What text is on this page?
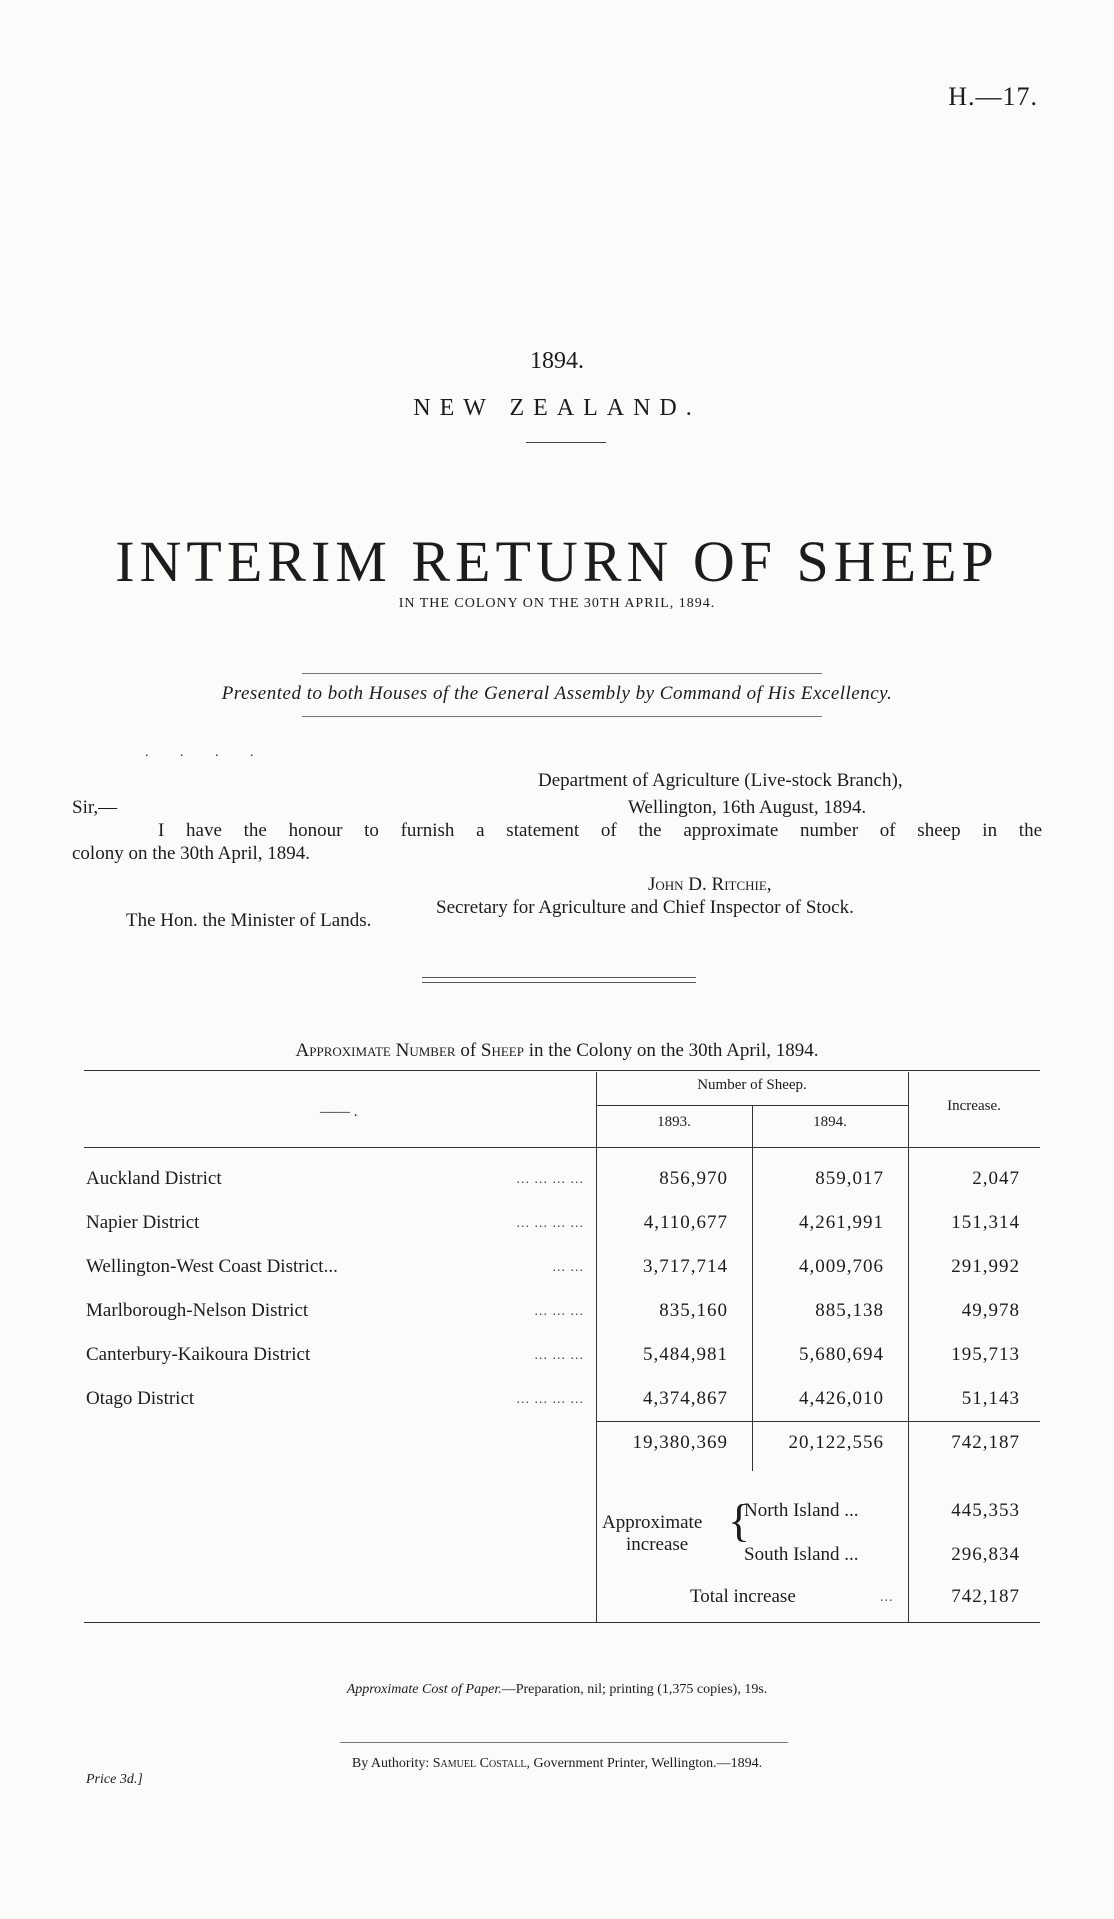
H.—17.
1894.
NEW ZEALAND.
INTERIM RETURN OF SHEEP
IN THE COLONY ON THE 30TH APRIL, 1894.
Presented to both Houses of the General Assembly by Command of His Excellency.
. . . .
Department of Agriculture (Live-stock Branch),
Sir,—	Wellington, 16th August, 1894.
I have the honour to furnish a statement of the approximate number of sheep in the
colony on the 30th April, 1894.
John D. Ritchie,
Secretary for Agriculture and Chief Inspector of Stock.
The Hon. the Minister of Lands.
Approximate Number of Sheep in the Colony on the 30th April, 1894.
—— .
Number of Sheep.
1893.	1894.
Increase.
Auckland District	... ... ... ...	856,970	859,017	2,047
Napier District	... ... ... ...	4,110,677	4,261,991	151,314
Wellington-West Coast District...	... ...	3,717,714	4,009,706	291,992
Marlborough-Nelson District	... ... ...	835,160	885,138	49,978
Canterbury-Kaikoura District	... ... ...	5,484,981	5,680,694	195,713
Otago District	... ... ... ...	4,374,867	4,426,010	51,143
19,380,369	20,122,556	742,187
Approximate
increase {
North Island ...	445,353
South Island ...	296,834
Total increase	...	742,187
Approximate Cost of Paper.—Preparation, nil; printing (1,375 copies), 19s.
By Authority: Samuel Costall, Government Printer, Wellington.—1894.
Price 3d.]
